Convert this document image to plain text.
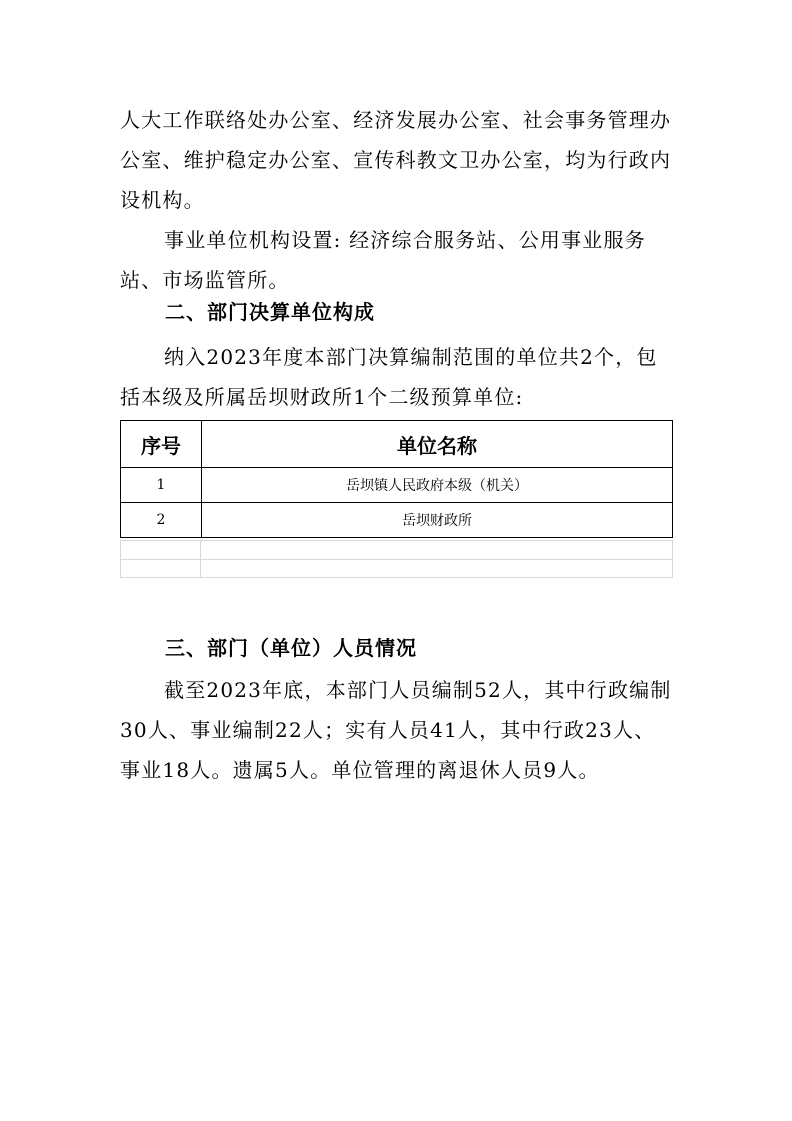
人大工作联络处办公室、经济发展办公室、社会事务管理办公室、维护稳定办公室、宣传科教文卫办公室，均为行政内设机构。

事业单位机构设置: 经济综合服务站、公用事业服务站、市场监管所。

二、部门决算单位构成

纳入2023年度本部门决算编制范围的单位共2个，包括本级及所属岳坝财政所1个二级预算单位:

序号	单位名称
1	岳坝镇人民政府本级（机关）
2	岳坝财政所
三、部门（单位）人员情况

截至2023年底，本部门人员编制52人，其中行政编制30人、事业编制22人；实有人员41人，其中行政23人、事业18人。遗属5人。单位管理的离退休人员9人。
